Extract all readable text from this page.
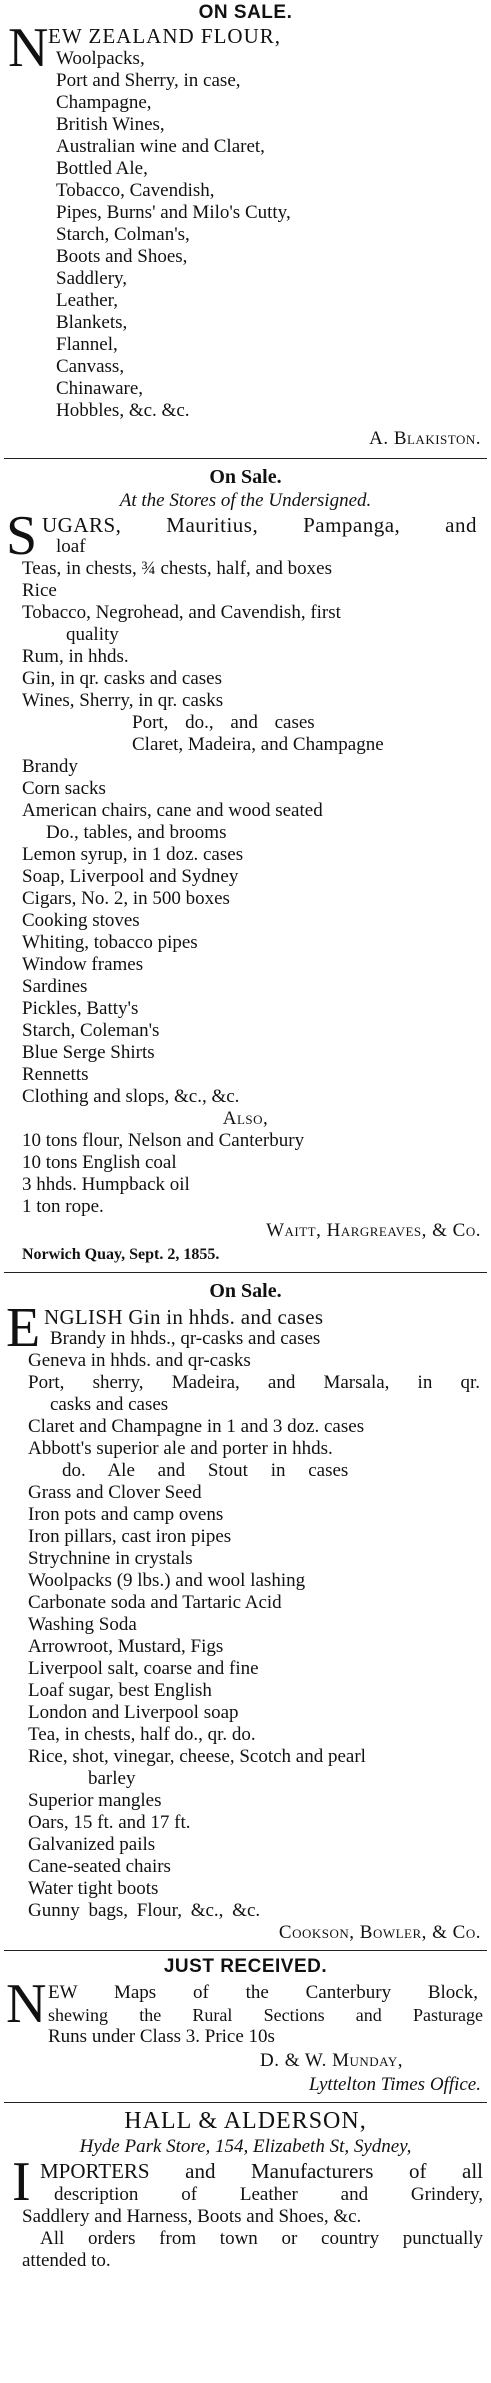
ON SALE.
N EW ZEALAND FLOUR,
Woolpacks,
Port and Sherry, in case,
Champagne,
British Wines,
Australian wine and Claret,
Bottled Ale,
Tobacco, Cavendish,
Pipes, Burns' and Milo's Cutty,
Starch, Colman's,
Boots and Shoes,
Saddlery,
Leather,
Blankets,
Flannel,
Canvass,
Chinaware,
Hobbles, &c. &c.
A. Blakiston.
On Sale.
At the Stores of the Undersigned.
S UGARS, Mauritius, Pampanga, and
loaf
Teas, in chests, ¾ chests, half, and boxes
Rice
Tobacco, Negrohead, and Cavendish, first
quality
Rum, in hhds.
Gin, in qr. casks and cases
Wines, Sherry, in qr. casks
Port, do., and cases
Claret, Madeira, and Champagne
Brandy
Corn sacks
American chairs, cane and wood seated
Do., tables, and brooms
Lemon syrup, in 1 doz. cases
Soap, Liverpool and Sydney
Cigars, No. 2, in 500 boxes
Cooking stoves
Whiting, tobacco pipes
Window frames
Sardines
Pickles, Batty's
Starch, Coleman's
Blue Serge Shirts
Rennetts
Clothing and slops, &c., &c.
Also,
10 tons flour, Nelson and Canterbury
10 tons English coal
3 hhds. Humpback oil
1 ton rope.
Waitt, Hargreaves, & Co.
Norwich Quay, Sept. 2, 1855.
On Sale.
E NGLISH Gin in hhds. and cases
Brandy in hhds., qr-casks and cases
Geneva in hhds. and qr-casks
Port, sherry, Madeira, and Marsala, in qr.
casks and cases
Claret and Champagne in 1 and 3 doz. cases
Abbott's superior ale and porter in hhds.
do. Ale and Stout in cases
Grass and Clover Seed
Iron pots and camp ovens
Iron pillars, cast iron pipes
Strychnine in crystals
Woolpacks (9 lbs.) and wool lashing
Carbonate soda and Tartaric Acid
Washing Soda
Arrowroot, Mustard, Figs
Liverpool salt, coarse and fine
Loaf sugar, best English
London and Liverpool soap
Tea, in chests, half do., qr. do.
Rice, shot, vinegar, cheese, Scotch and pearl
barley
Superior mangles
Oars, 15 ft. and 17 ft.
Galvanized pails
Cane-seated chairs
Water tight boots
Gunny bags, Flour, &c., &c.
Cookson, Bowler, & Co.
JUST RECEIVED.
N EW Maps of the Canterbury Block,
shewing the Rural Sections and Pasturage
Runs under Class 3. Price 10s
D. & W. Munday,
Lyttelton Times Office.
HALL & ALDERSON,
Hyde Park Store, 154, Elizabeth St, Sydney,
I MPORTERS and Manufacturers of all
description of Leather and Grindery,
Saddlery and Harness, Boots and Shoes, &c.
All orders from town or country punctually
attended to.
